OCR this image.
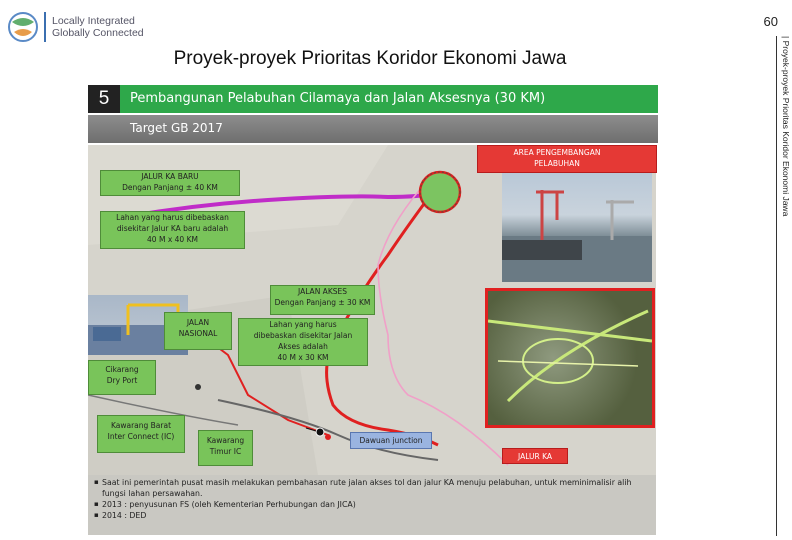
Locally Integrated
Globally Connected
60
| Proyek-proyek Prioritas Koridor Ekonomi Jawa
Proyek-proyek Prioritas Koridor Ekonomi Jawa
5	Pembangunan Pelabuhan Cilamaya dan Jalan Aksesnya (30 KM)
Target GB 2017
AREA PENGEMBANGAN PELABUHAN
JALUR KA BARU
Dengan Panjang ± 40 KM
Lahan yang harus dibebaskan
disekitar Jalur KA baru adalah
40 M x 40 KM
JALAN AKSES
Dengan Panjang ± 30 KM
JALAN
NASIONAL
Lahan yang harus
dibebaskan disekitar Jalan
Akses adalah
40 M x 30 KM
Cikarang
Dry Port
Kawarang Barat
Inter Connect (IC)	Kawarang
Timur IC
Dawuan junction
JALUR KA
▪ Saat ini pemerintah pusat masih melakukan pembahasan rute jalan akses tol dan jalur KA menuju pelabuhan, untuk meminimalisir alih fungsi lahan persawahan.
▪ 2013 : penyusunan FS (oleh Kementerian Perhubungan dan JICA)
▪ 2014 : DED
